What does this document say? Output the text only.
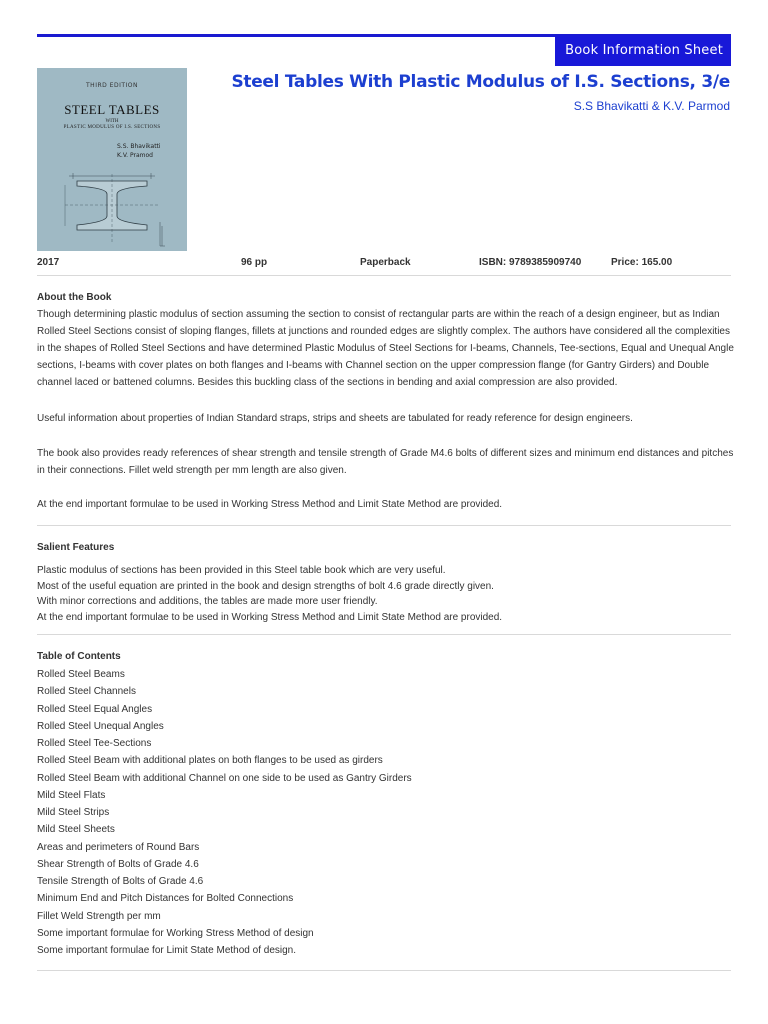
Book Information Sheet
THIRD EDITION
STEEL TABLES
WITH
PLASTIC MODULUS OF I.S. SECTIONS
S.S. Bhavikatti
K.V. Pramod
Steel Tables With Plastic Modulus of I.S. Sections, 3/e
S.S Bhavikatti & K.V. Parmod
2017	96 pp	Paperback	ISBN: 9789385909740	Price: 165.00
About the Book
Though determining plastic modulus of section assuming the section to consist of rectangular parts are within the reach of a design engineer, but as Indian Rolled Steel Sections consist of sloping flanges, fillets at junctions and rounded edges are slightly complex. The authors have considered all the complexities in the shapes of Rolled Steel Sections and have determined Plastic Modulus of Steel Sections for I-beams, Channels, Tee-sections, Equal and Unequal Angle sections, I-beams with cover plates on both flanges and I-beams with Channel section on the upper compression flange (for Gantry Girders) and Double channel laced or battened columns. Besides this buckling class of the sections in bending and axial compression are also provided.
Useful information about properties of Indian Standard straps, strips and sheets are tabulated for ready reference for design engineers.
The book also provides ready references of shear strength and tensile strength of Grade M4.6 bolts of different sizes and minimum end distances and pitches in their connections. Fillet weld strength per mm length are also given.
At the end important formulae to be used in Working Stress Method and Limit State Method are provided.
Salient Features
Plastic modulus of sections has been provided in this Steel table book which are very useful.
Most of the useful equation are printed in the book and design strengths of bolt 4.6 grade directly given.
With minor corrections and additions, the tables are made more user friendly.
At the end important formulae to be used in Working Stress Method and Limit State Method are provided.
Table of Contents
Rolled Steel Beams
Rolled Steel Channels
Rolled Steel Equal Angles
Rolled Steel Unequal Angles
Rolled Steel Tee-Sections
Rolled Steel Beam with additional plates on both flanges to be used as girders
Rolled Steel Beam with additional Channel on one side to be used as Gantry Girders
Mild Steel Flats
Mild Steel Strips
Mild Steel Sheets
Areas and perimeters of Round Bars
Shear Strength of Bolts of Grade 4.6
Tensile Strength of Bolts of Grade 4.6
Minimum End and Pitch Distances for Bolted Connections
Fillet Weld Strength per mm
Some important formulae for Working Stress Method of design
Some important formulae for Limit State Method of design.
